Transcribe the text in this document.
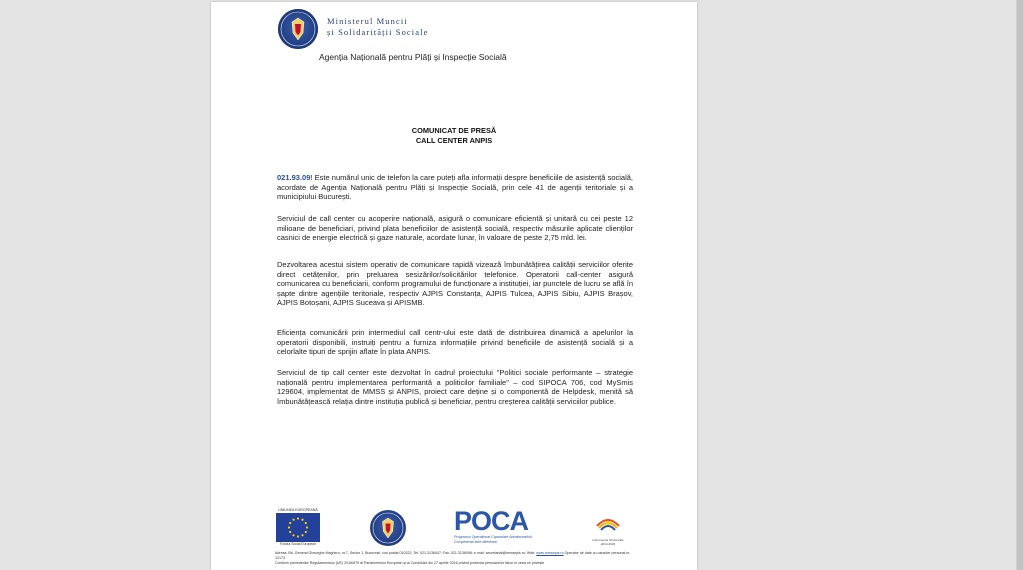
Ministerul Muncii
și Solidarității Sociale
Agenția Națională pentru Plăți și Inspecție Socială
COMUNICAT DE PRESĂ
CALL CENTER ANPIS
021.93.09! Este numărul unic de telefon la care puteți afla informații despre beneficiile de asistență socială, acordate de Agenția Națională pentru Plăți și Inspecție Socială, prin cele 41 de agenții teritoriale și a municipiului București.
Serviciul de call center cu acoperire națională, asigură o comunicare eficientă și unitară cu cei peste 12 milioane de beneficiari, privind plata beneficiilor de asistență socială, respectiv măsurile aplicate clienților casnici de energie electrică și gaze naturale, acordate lunar, în valoare de peste 2,75 mld. lei.
Dezvoltarea acestui sistem operativ de comunicare rapidă vizează îmbunătățirea calității serviciilor oferite direct cetățenilor, prin preluarea sesizărilor/solicitărilor telefonice. Operatorii call-center asigură comunicarea cu beneficiarii, conform programului de funcționare a instituției, iar punctele de lucru se află în șapte dintre agențiile teritoriale, respectiv AJPIS Constanța, AJPIS Tulcea, AJPIS Sibiu, AJPIS Brașov, AJPIS Botoșani, AJPIS Suceava și APISMB.
Eficiența comunicării prin intermediul call centr-ului este dată de distribuirea dinamică a apelurilor la operatorii disponibili, instruiți pentru a furniza informațiile privind beneficiile de asistență socială și a celorlalte tipuri de sprijin aflate în plata ANPIS.
Serviciul de tip call center este dezvoltat în cadrul proiectului "Politici sociale performante – strategie națională pentru implementarea performantă a politicilor familiale" – cod SIPOCA 706, cod MySmis 129604, implementat de MMSS și ANPIS, proiect care deține și o componentă de Helpdesk, menită să îmbunătățească relația dintre instituția publică și beneficiar, pentru creșterea calității serviciilor publice.
UNIUNEA EUROPEANĂ
Fondul Social European
POCA
Programul Operațional Capacitate Administrativă
Competența face diferența!	Instrumente Structurale 2014-2020
Adresa: Bd. General Gheorghe Magheru, nr.7, Sector 1, București, cod poștal 010322; Tel: 021.3136047; Fax: 021.3136098; e-mail: secretariat@mmanpis.ro; Web: www.mmanpis.ro Operator de date cu caracter personal nr. 12173
Conform prevederilor Regulamentului (UE) 2016/679 al Parlamentului European și al Consiliului din 27 aprilie 2016 privind protecția persoanelor fizice în ceea ce privește
